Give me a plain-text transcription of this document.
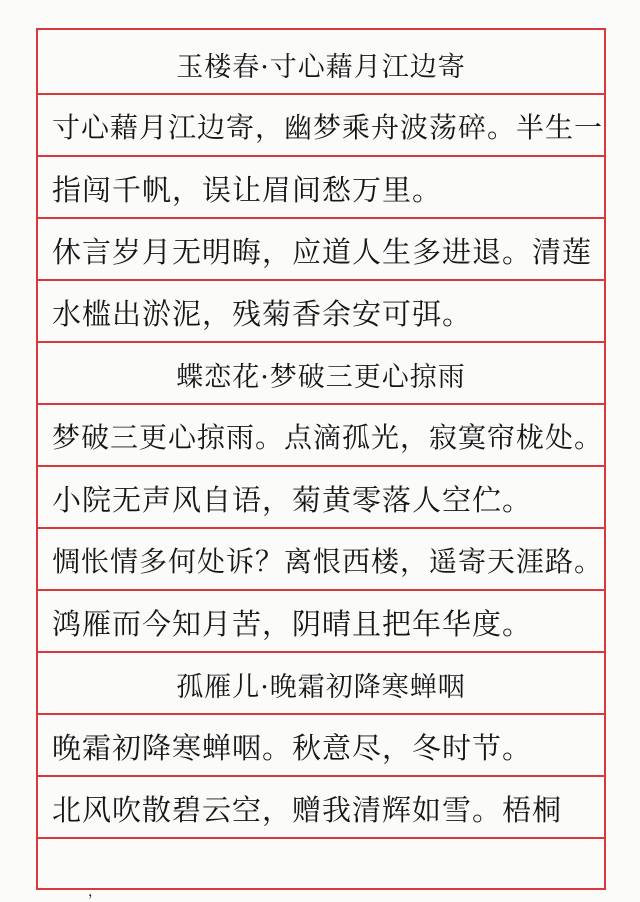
玉楼春·寸心藉月江边寄
寸心藉月江边寄，幽梦乘舟波荡碎。半生一
指闯千帆，误让眉间愁万里。
休言岁月无明晦，应道人生多进退。清莲
水槛出淤泥，残菊香余安可弭。
蝶恋花·梦破三更心掠雨
梦破三更心掠雨。点滴孤光，寂寞帘栊处。
小院无声风自语，菊黄零落人空伫。
惆怅情多何处诉？离恨西楼，遥寄天涯路。
鸿雁而今知月苦，阴晴且把年华度。
孤雁儿·晚霜初降寒蝉咽
晚霜初降寒蝉咽。秋意尽，冬时节。
北风吹散碧云空，赠我清辉如雪。梧桐
，
